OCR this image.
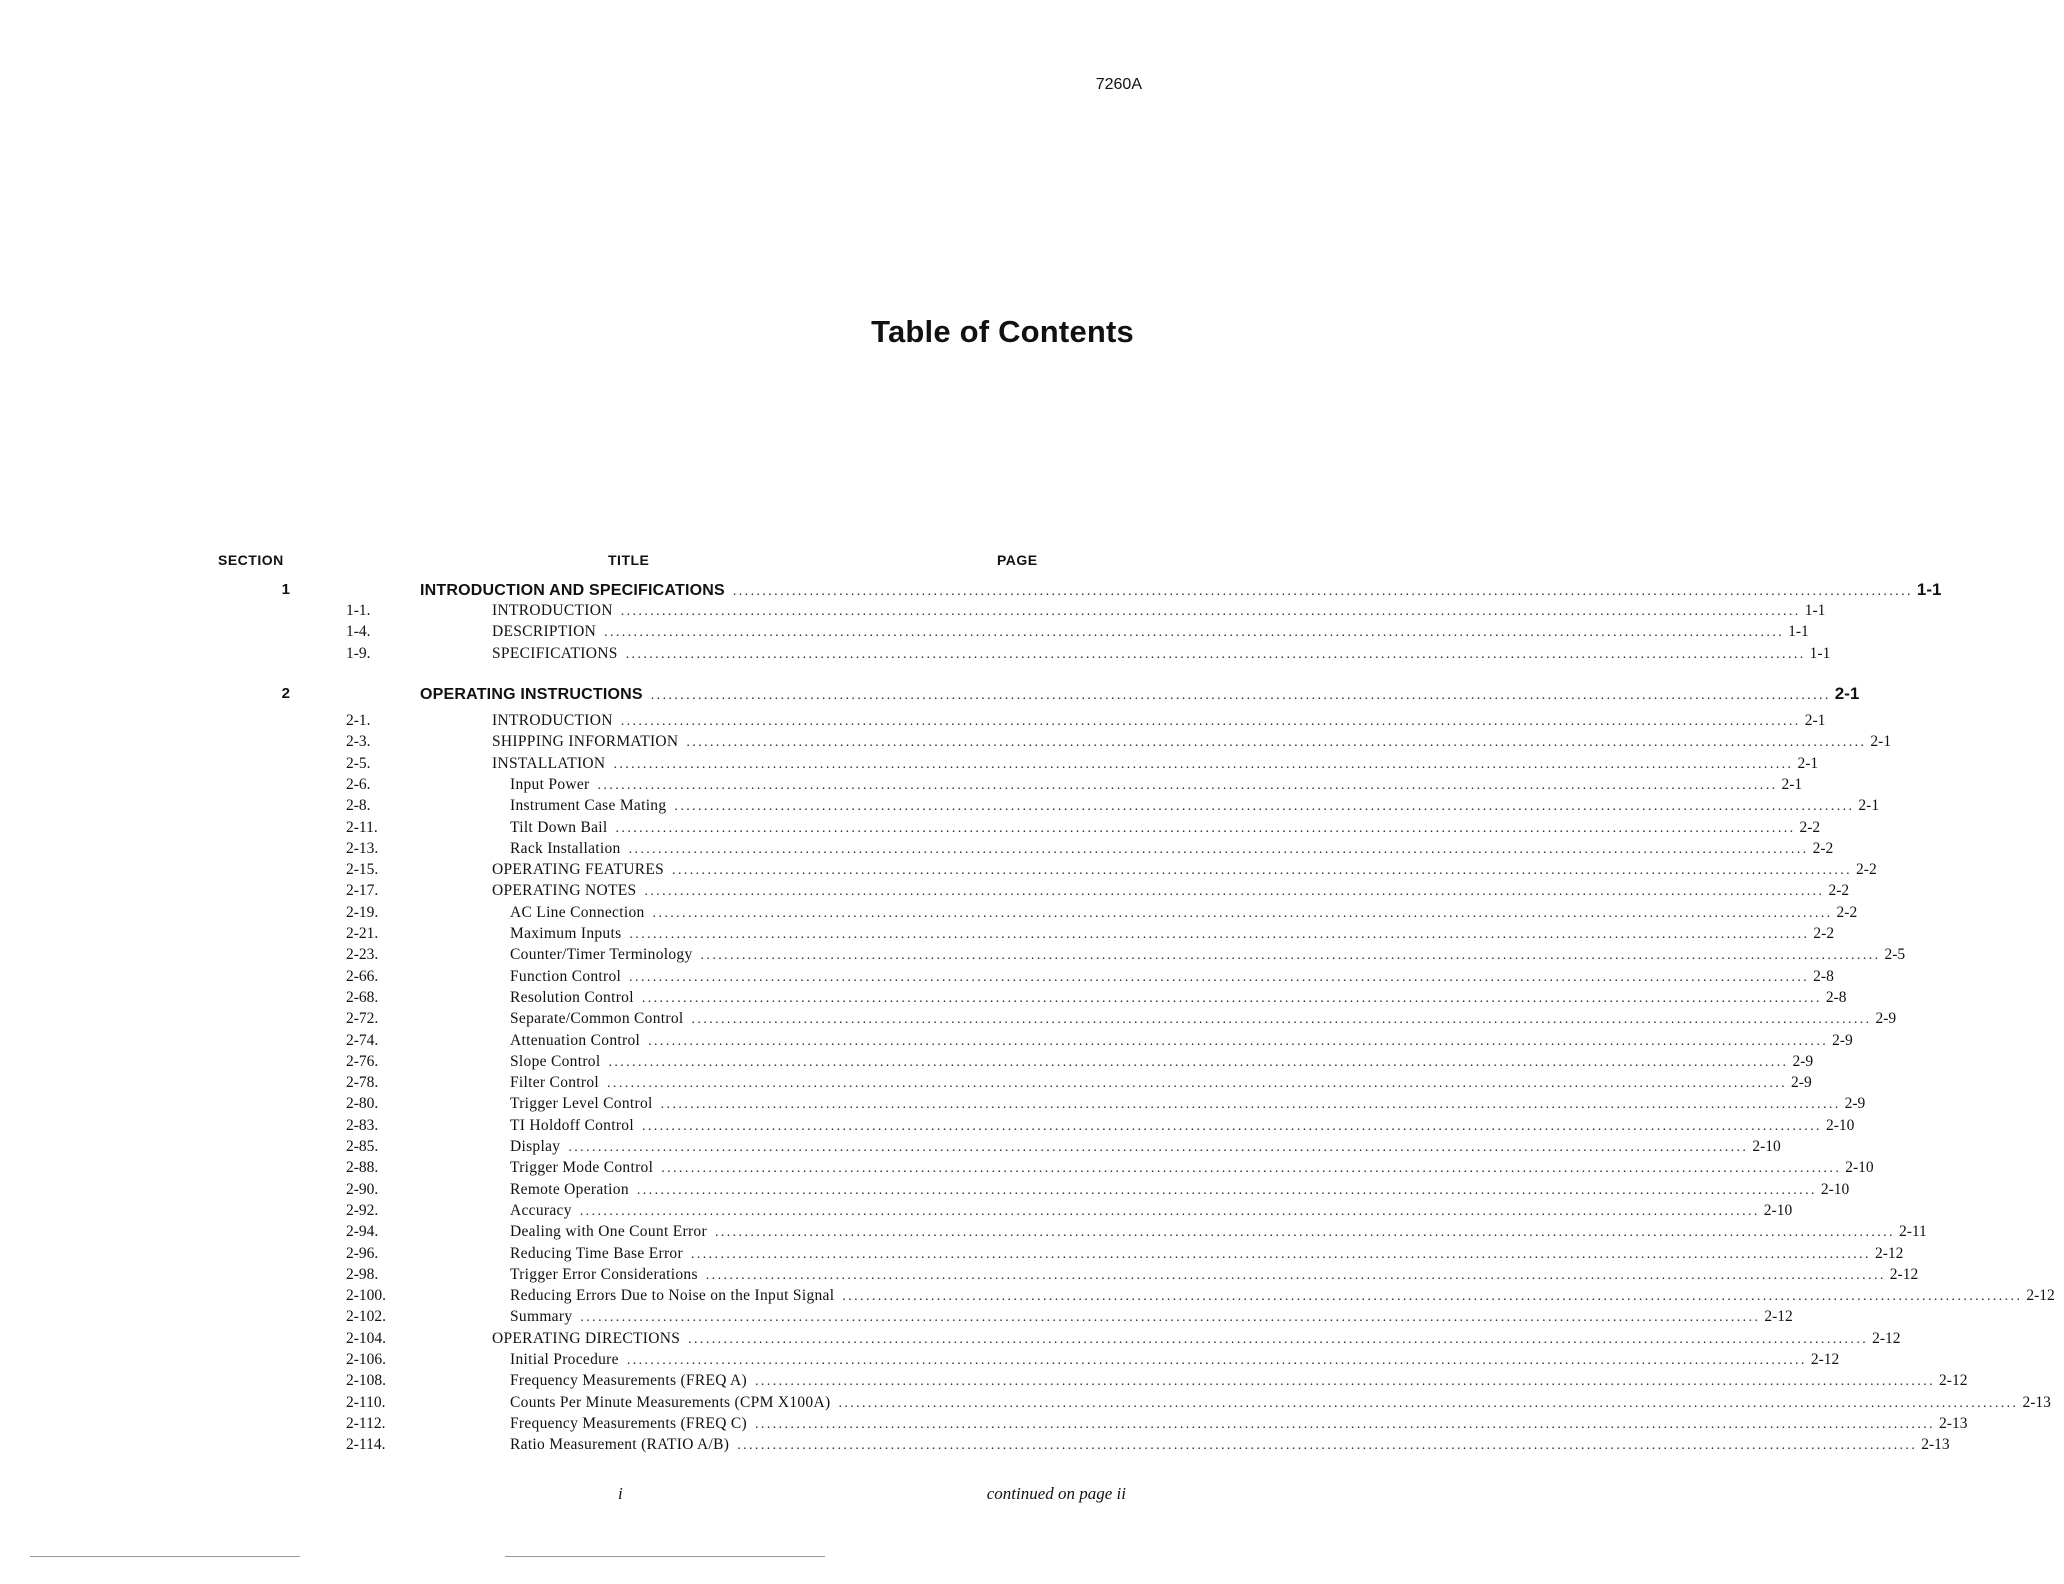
7260A
Table of Contents
SECTION	TITLE	PAGE
1	INTRODUCTION AND SPECIFICATIONS ........................................................................................................................................................................................................ 1-1
1-1.	INTRODUCTION ........................................................................................................................................................................................................ 1-1
1-4.	DESCRIPTION ........................................................................................................................................................................................................ 1-1
1-9.	SPECIFICATIONS ........................................................................................................................................................................................................ 1-1
2	OPERATING INSTRUCTIONS ........................................................................................................................................................................................................ 2-1
2-1.	INTRODUCTION ........................................................................................................................................................................................................ 2-1
2-3.	SHIPPING INFORMATION ........................................................................................................................................................................................................ 2-1
2-5.	INSTALLATION ........................................................................................................................................................................................................ 2-1
2-6.	Input Power ........................................................................................................................................................................................................ 2-1
2-8.	Instrument Case Mating ........................................................................................................................................................................................................ 2-1
2-11.	Tilt Down Bail ........................................................................................................................................................................................................ 2-2
2-13.	Rack Installation ........................................................................................................................................................................................................ 2-2
2-15.	OPERATING FEATURES ........................................................................................................................................................................................................ 2-2
2-17.	OPERATING NOTES ........................................................................................................................................................................................................ 2-2
2-19.	AC Line Connection ........................................................................................................................................................................................................ 2-2
2-21.	Maximum Inputs ........................................................................................................................................................................................................ 2-2
2-23.	Counter/Timer Terminology ........................................................................................................................................................................................................ 2-5
2-66.	Function Control ........................................................................................................................................................................................................ 2-8
2-68.	Resolution Control ........................................................................................................................................................................................................ 2-8
2-72.	Separate/Common Control ........................................................................................................................................................................................................ 2-9
2-74.	Attenuation Control ........................................................................................................................................................................................................ 2-9
2-76.	Slope Control ........................................................................................................................................................................................................ 2-9
2-78.	Filter Control ........................................................................................................................................................................................................ 2-9
2-80.	Trigger Level Control ........................................................................................................................................................................................................ 2-9
2-83.	TI Holdoff Control ........................................................................................................................................................................................................ 2-10
2-85.	Display ........................................................................................................................................................................................................ 2-10
2-88.	Trigger Mode Control ........................................................................................................................................................................................................ 2-10
2-90.	Remote Operation ........................................................................................................................................................................................................ 2-10
2-92.	Accuracy ........................................................................................................................................................................................................ 2-10
2-94.	Dealing with One Count Error ........................................................................................................................................................................................................ 2-11
2-96.	Reducing Time Base Error ........................................................................................................................................................................................................ 2-12
2-98.	Trigger Error Considerations ........................................................................................................................................................................................................ 2-12
2-100.	Reducing Errors Due to Noise on the Input Signal ........................................................................................................................................................................................................ 2-12
2-102.	Summary ........................................................................................................................................................................................................ 2-12
2-104.	OPERATING DIRECTIONS ........................................................................................................................................................................................................ 2-12
2-106.	Initial Procedure ........................................................................................................................................................................................................ 2-12
2-108.	Frequency Measurements (FREQ A) ........................................................................................................................................................................................................ 2-12
2-110.	Counts Per Minute Measurements (CPM X100A) ........................................................................................................................................................................................................ 2-13
2-112.	Frequency Measurements (FREQ C) ........................................................................................................................................................................................................ 2-13
2-114.	Ratio Measurement (RATIO A/B) ........................................................................................................................................................................................................ 2-13
i	continued on page ii
